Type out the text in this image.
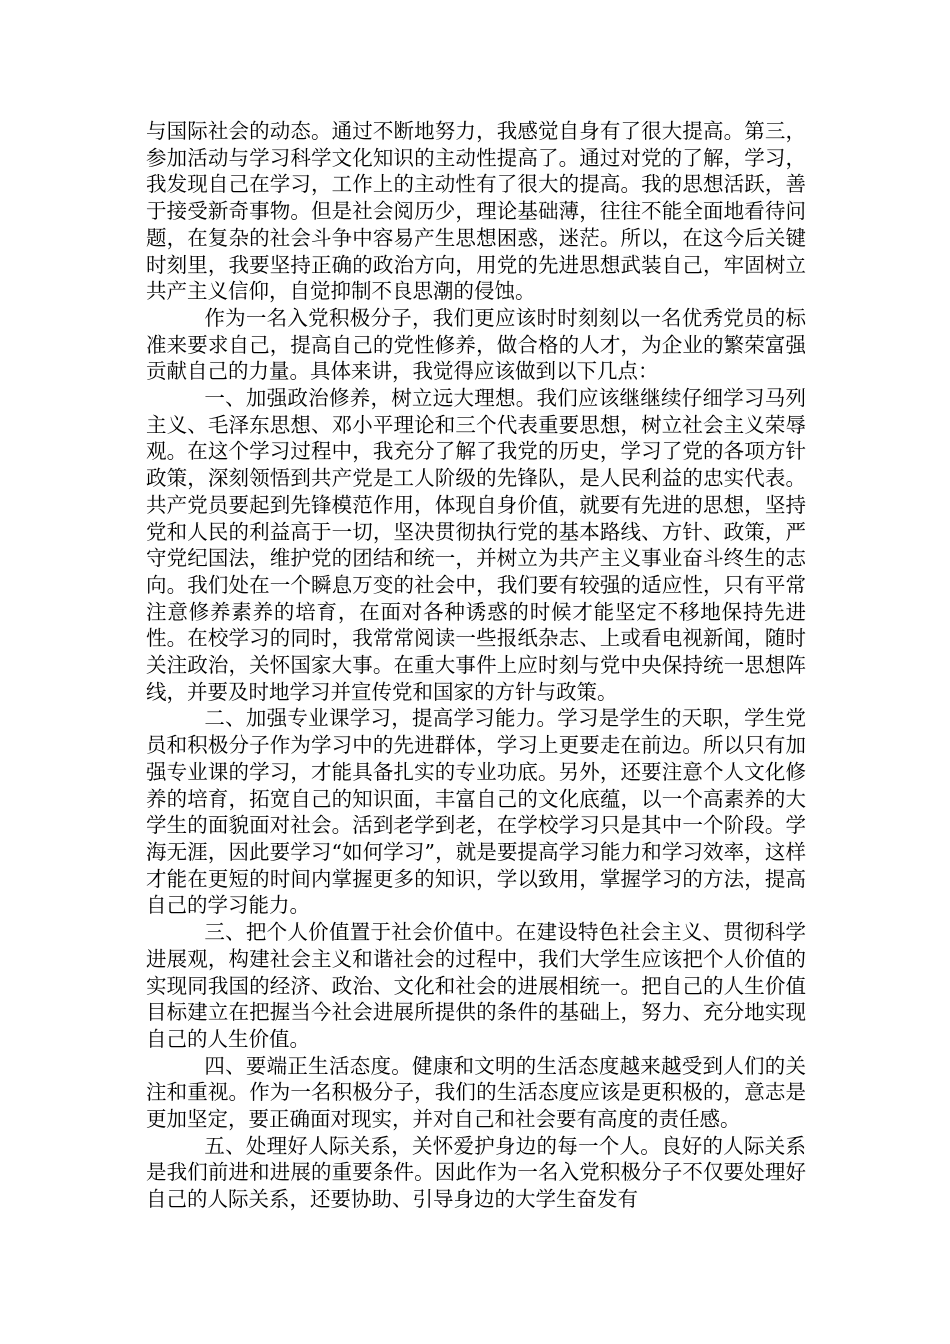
与国际社会的动态。通过不断地努力，我感觉自身有了很大提高。第三，参加活动与学习科学文化知识的主动性提高了。通过对党的了解，学习，我发现自己在学习，工作上的主动性有了很大的提高。我的思想活跃，善于接受新奇事物。但是社会阅历少，理论基础薄，往往不能全面地看待问题，在复杂的社会斗争中容易产生思想困惑，迷茫。所以，在这今后关键时刻里，我要坚持正确的政治方向，用党的先进思想武装自己，牢固树立共产主义信仰，自觉抑制不良思潮的侵蚀。

作为一名入党积极分子，我们更应该时时刻刻以一名优秀党员的标准来要求自己，提高自己的党性修养，做合格的人才，为企业的繁荣富强贡献自己的力量。具体来讲，我觉得应该做到以下几点：

一、加强政治修养，树立远大理想。我们应该继继续仔细学习马列主义、毛泽东思想、邓小平理论和三个代表重要思想，树立社会主义荣辱观。在这个学习过程中，我充分了解了我党的历史，学习了党的各项方针政策，深刻领悟到共产党是工人阶级的先锋队，是人民利益的忠实代表。共产党员要起到先锋模范作用，体现自身价值，就要有先进的思想，坚持党和人民的利益高于一切，坚决贯彻执行党的基本路线、方针、政策，严守党纪国法，维护党的团结和统一，并树立为共产主义事业奋斗终生的志向。我们处在一个瞬息万变的社会中，我们要有较强的适应性，只有平常注意修养素养的培育，在面对各种诱惑的时候才能坚定不移地保持先进性。在校学习的同时，我常常阅读一些报纸杂志、上或看电视新闻，随时关注政治，关怀国家大事。在重大事件上应时刻与党中央保持统一思想阵线，并要及时地学习并宣传党和国家的方针与政策。

二、加强专业课学习，提高学习能力。学习是学生的天职，学生党员和积极分子作为学习中的先进群体，学习上更要走在前边。所以只有加强专业课的学习，才能具备扎实的专业功底。另外，还要注意个人文化修养的培育，拓宽自己的知识面，丰富自己的文化底蕴，以一个高素养的大学生的面貌面对社会。活到老学到老，在学校学习只是其中一个阶段。学海无涯，因此要学习“如何学习”，就是要提高学习能力和学习效率，这样才能在更短的时间内掌握更多的知识，学以致用，掌握学习的方法，提高自己的学习能力。

三、把个人价值置于社会价值中。在建设特色社会主义、贯彻科学进展观，构建社会主义和谐社会的过程中，我们大学生应该把个人价值的实现同我国的经济、政治、文化和社会的进展相统一。把自己的人生价值目标建立在把握当今社会进展所提供的条件的基础上，努力、充分地实现自己的人生价值。

四、要端正生活态度。健康和文明的生活态度越来越受到人们的关注和重视。作为一名积极分子，我们的生活态度应该是更积极的，意志是更加坚定，要正确面对现实，并对自己和社会要有高度的责任感。

五、处理好人际关系，关怀爱护身边的每一个人。良好的人际关系是我们前进和进展的重要条件。因此作为一名入党积极分子不仅要处理好自己的人际关系，还要协助、引导身边的大学生奋发有
